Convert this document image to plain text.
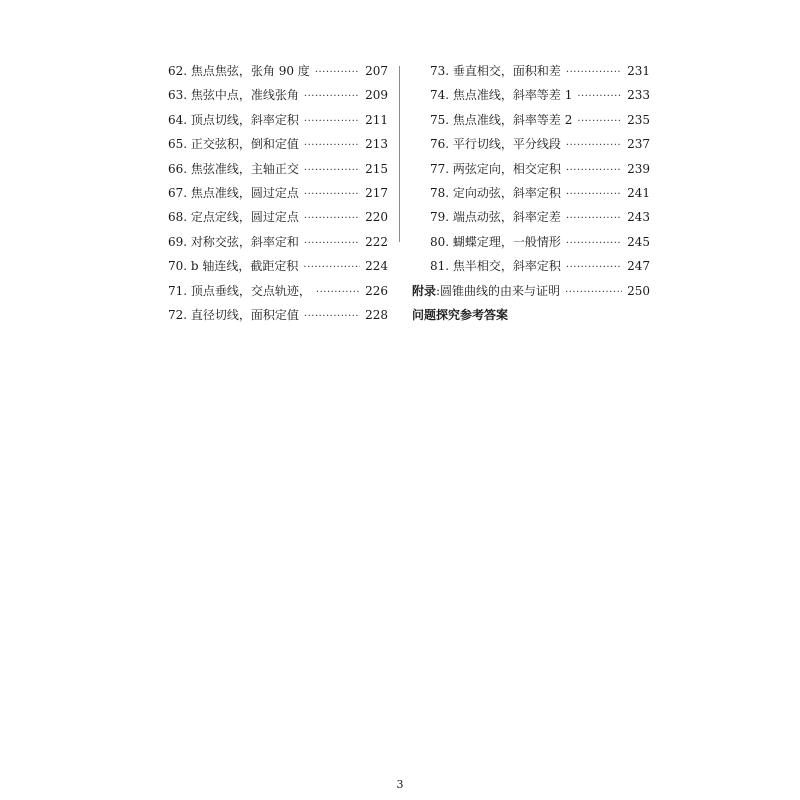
62. 焦点焦弦，张角 90 度 ·····	207
63. 焦弦中点，准线张角 ·····	209
64. 顶点切线，斜率定积 ·····	211
65. 正交弦积，倒和定值 ·····	213
66. 焦弦准线，主轴正交 ·····	215
67. 焦点准线，圆过定点 ·····	217
68. 定点定线，圆过定点 ·····	220
69. 对称交弦，斜率定和 ·····	222
70. b 轴连线，截距定积 ·····	224
71. 顶点垂线，交点轨迹， ·····	226
72. 直径切线，面积定值 ·····	228
73. 垂直相交，面积和差 ·····	231
74. 焦点准线，斜率等差 1 ·····	233
75. 焦点准线，斜率等差 2 ·····	235
76. 平行切线，平分线段 ·····	237
77. 两弦定向，相交定积 ·····	239
78. 定向动弦，斜率定积 ·····	241
79. 端点动弦，斜率定差 ·····	243
80. 蝴蝶定理，一般情形 ·····	245
81. 焦半相交，斜率定积 ·····	247
附录:圆锥曲线的由来与证明 ·····	250
问题探究参考答案
3
